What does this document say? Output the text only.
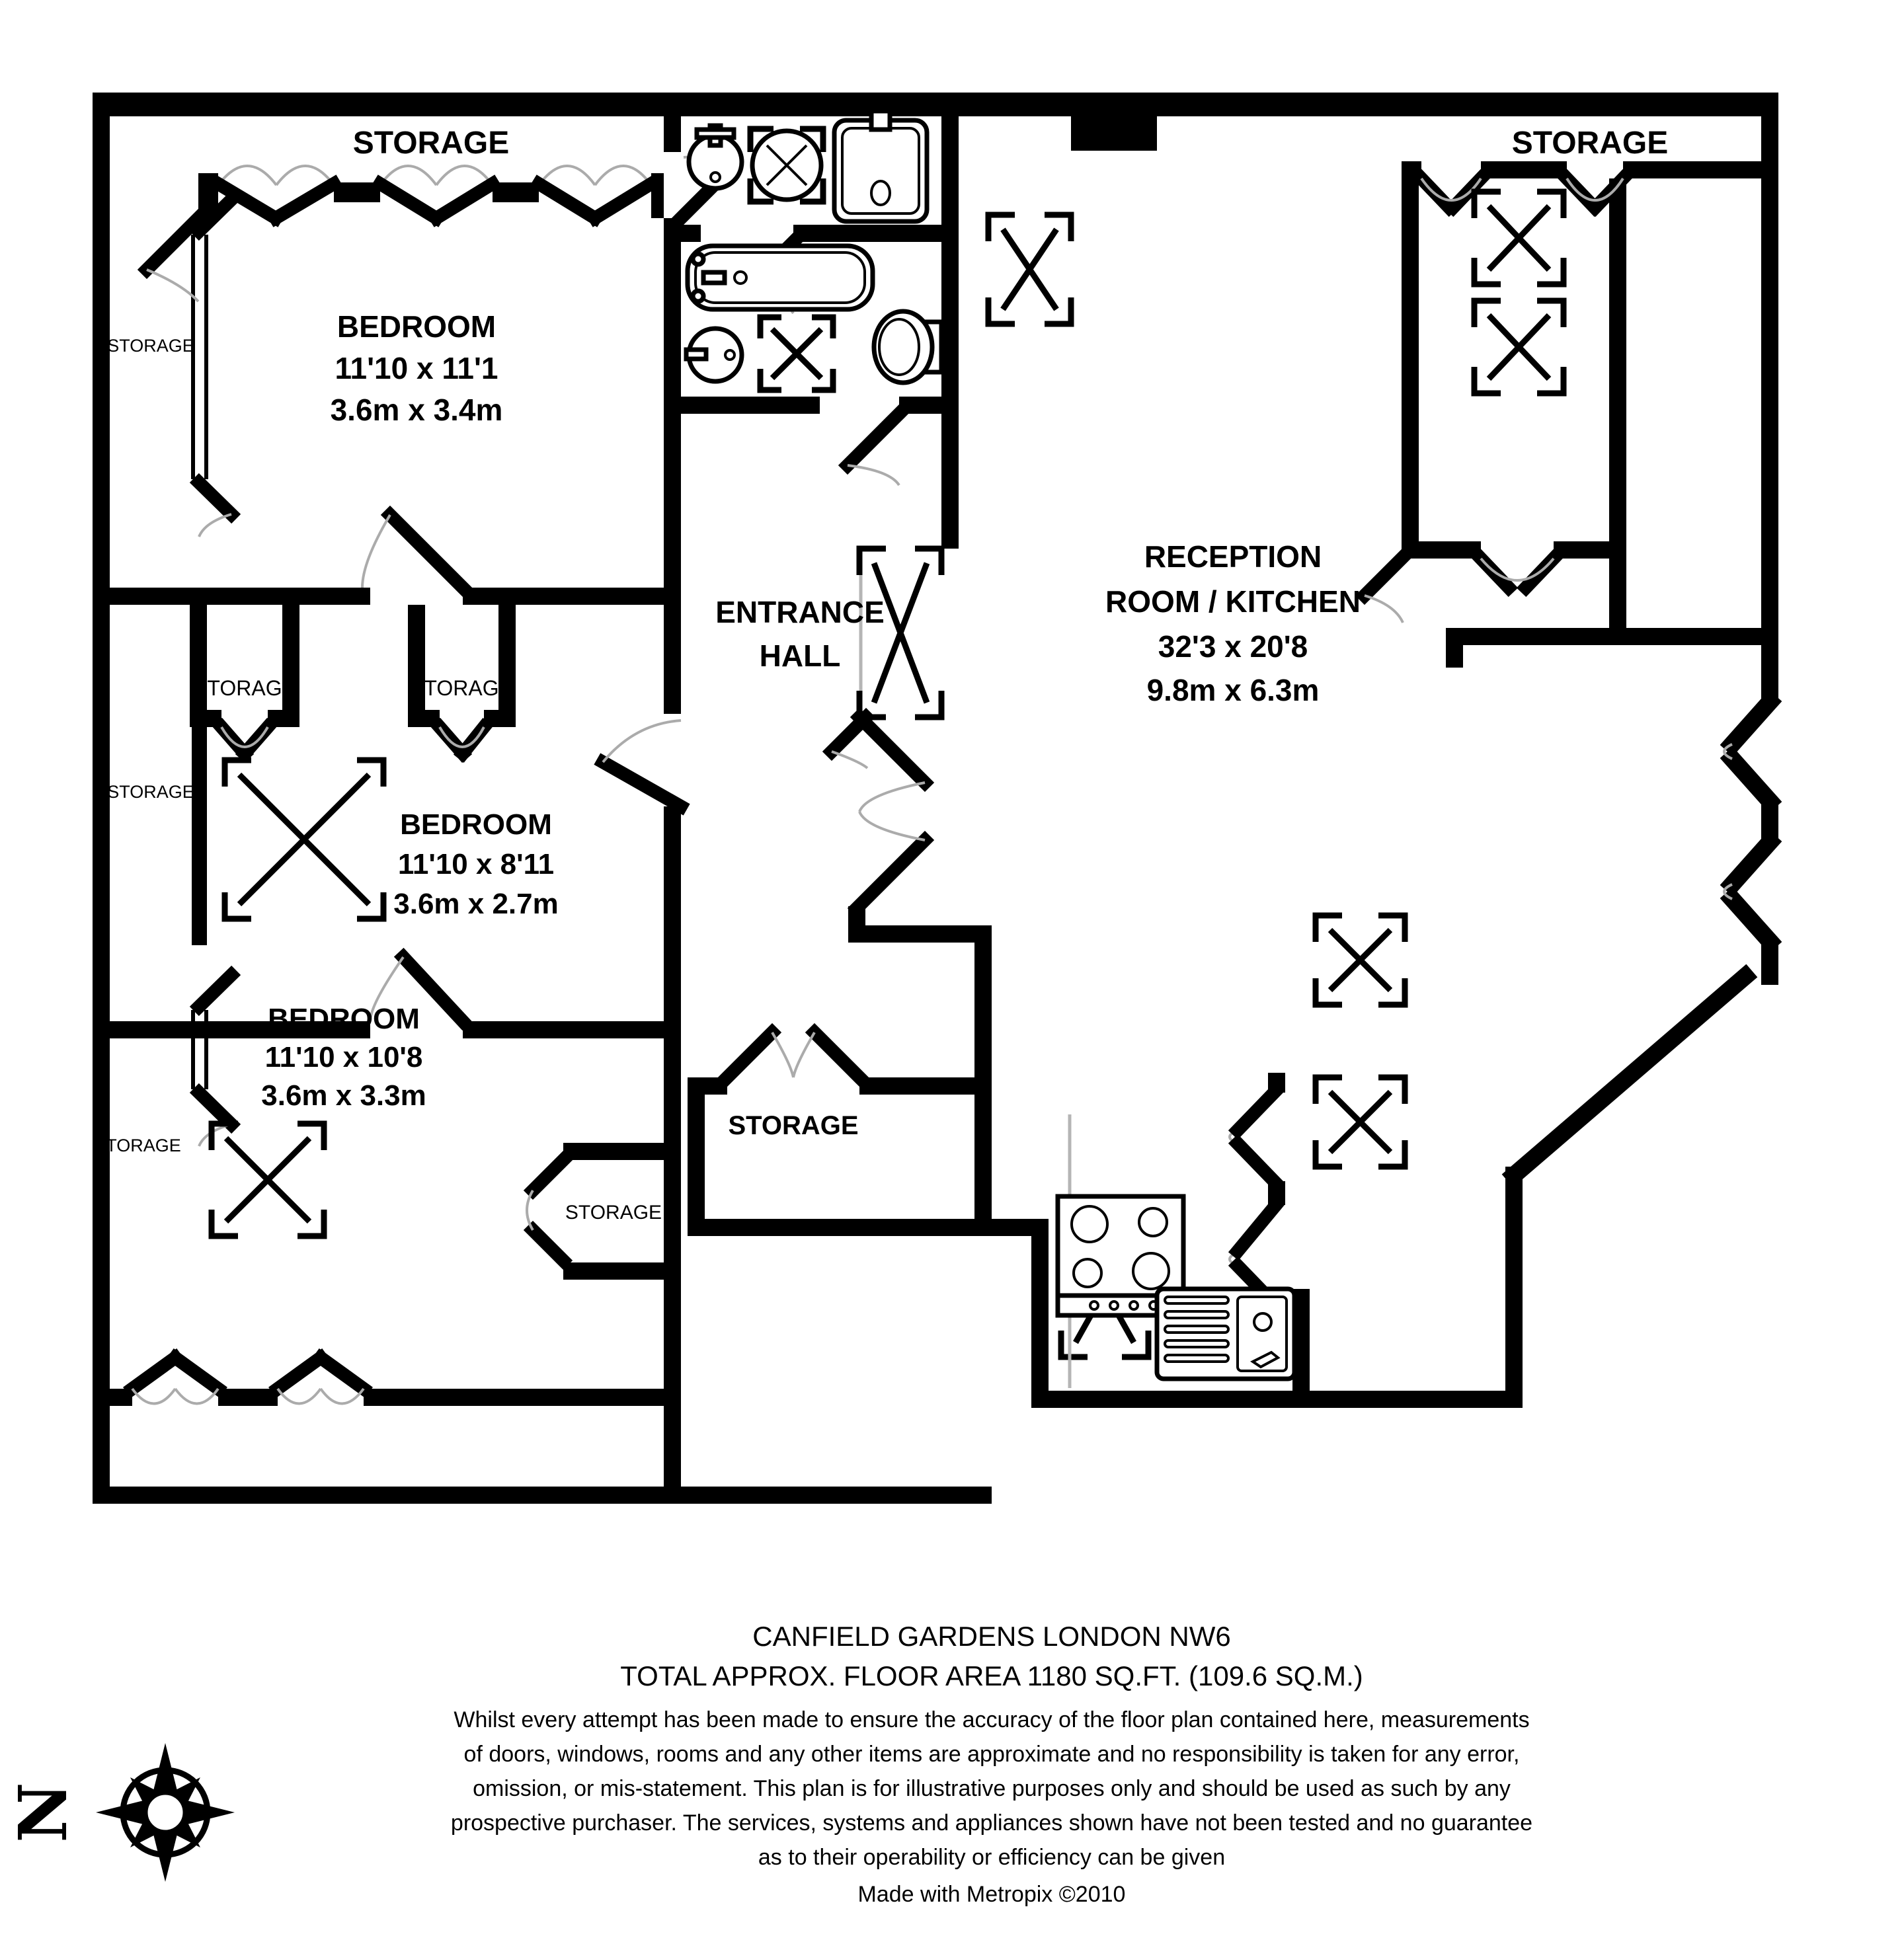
STORAGE	STORAGE
BEDROOM
11'10 x 11'1
3.6m x 3.4m
ENTRANCE
HALL
RECEPTION
ROOM / KITCHEN
32'3 x 20'8
9.8m x 6.3m
BEDROOM
11'10 x 8'11
3.6m x 2.7m
BEDROOM
11'10 x 10'8
3.6m x 3.3m
STORAGE
STORAGE	STORAGE
STORAGE
STORAGE
STORAGE
STORAGE
N
CANFIELD GARDENS LONDON NW6
TOTAL APPROX. FLOOR AREA 1180 SQ.FT. (109.6 SQ.M.)
Whilst every attempt has been made to ensure the accuracy of the floor plan contained here, measurements
of doors, windows, rooms and any other items are approximate and no responsibility is taken for any error,
omission, or mis-statement. This plan is for illustrative purposes only and should be used as such by any
prospective purchaser. The services, systems and appliances shown have not been tested and no guarantee
as to their operability or efficiency can be given
Made with Metropix ©2010
